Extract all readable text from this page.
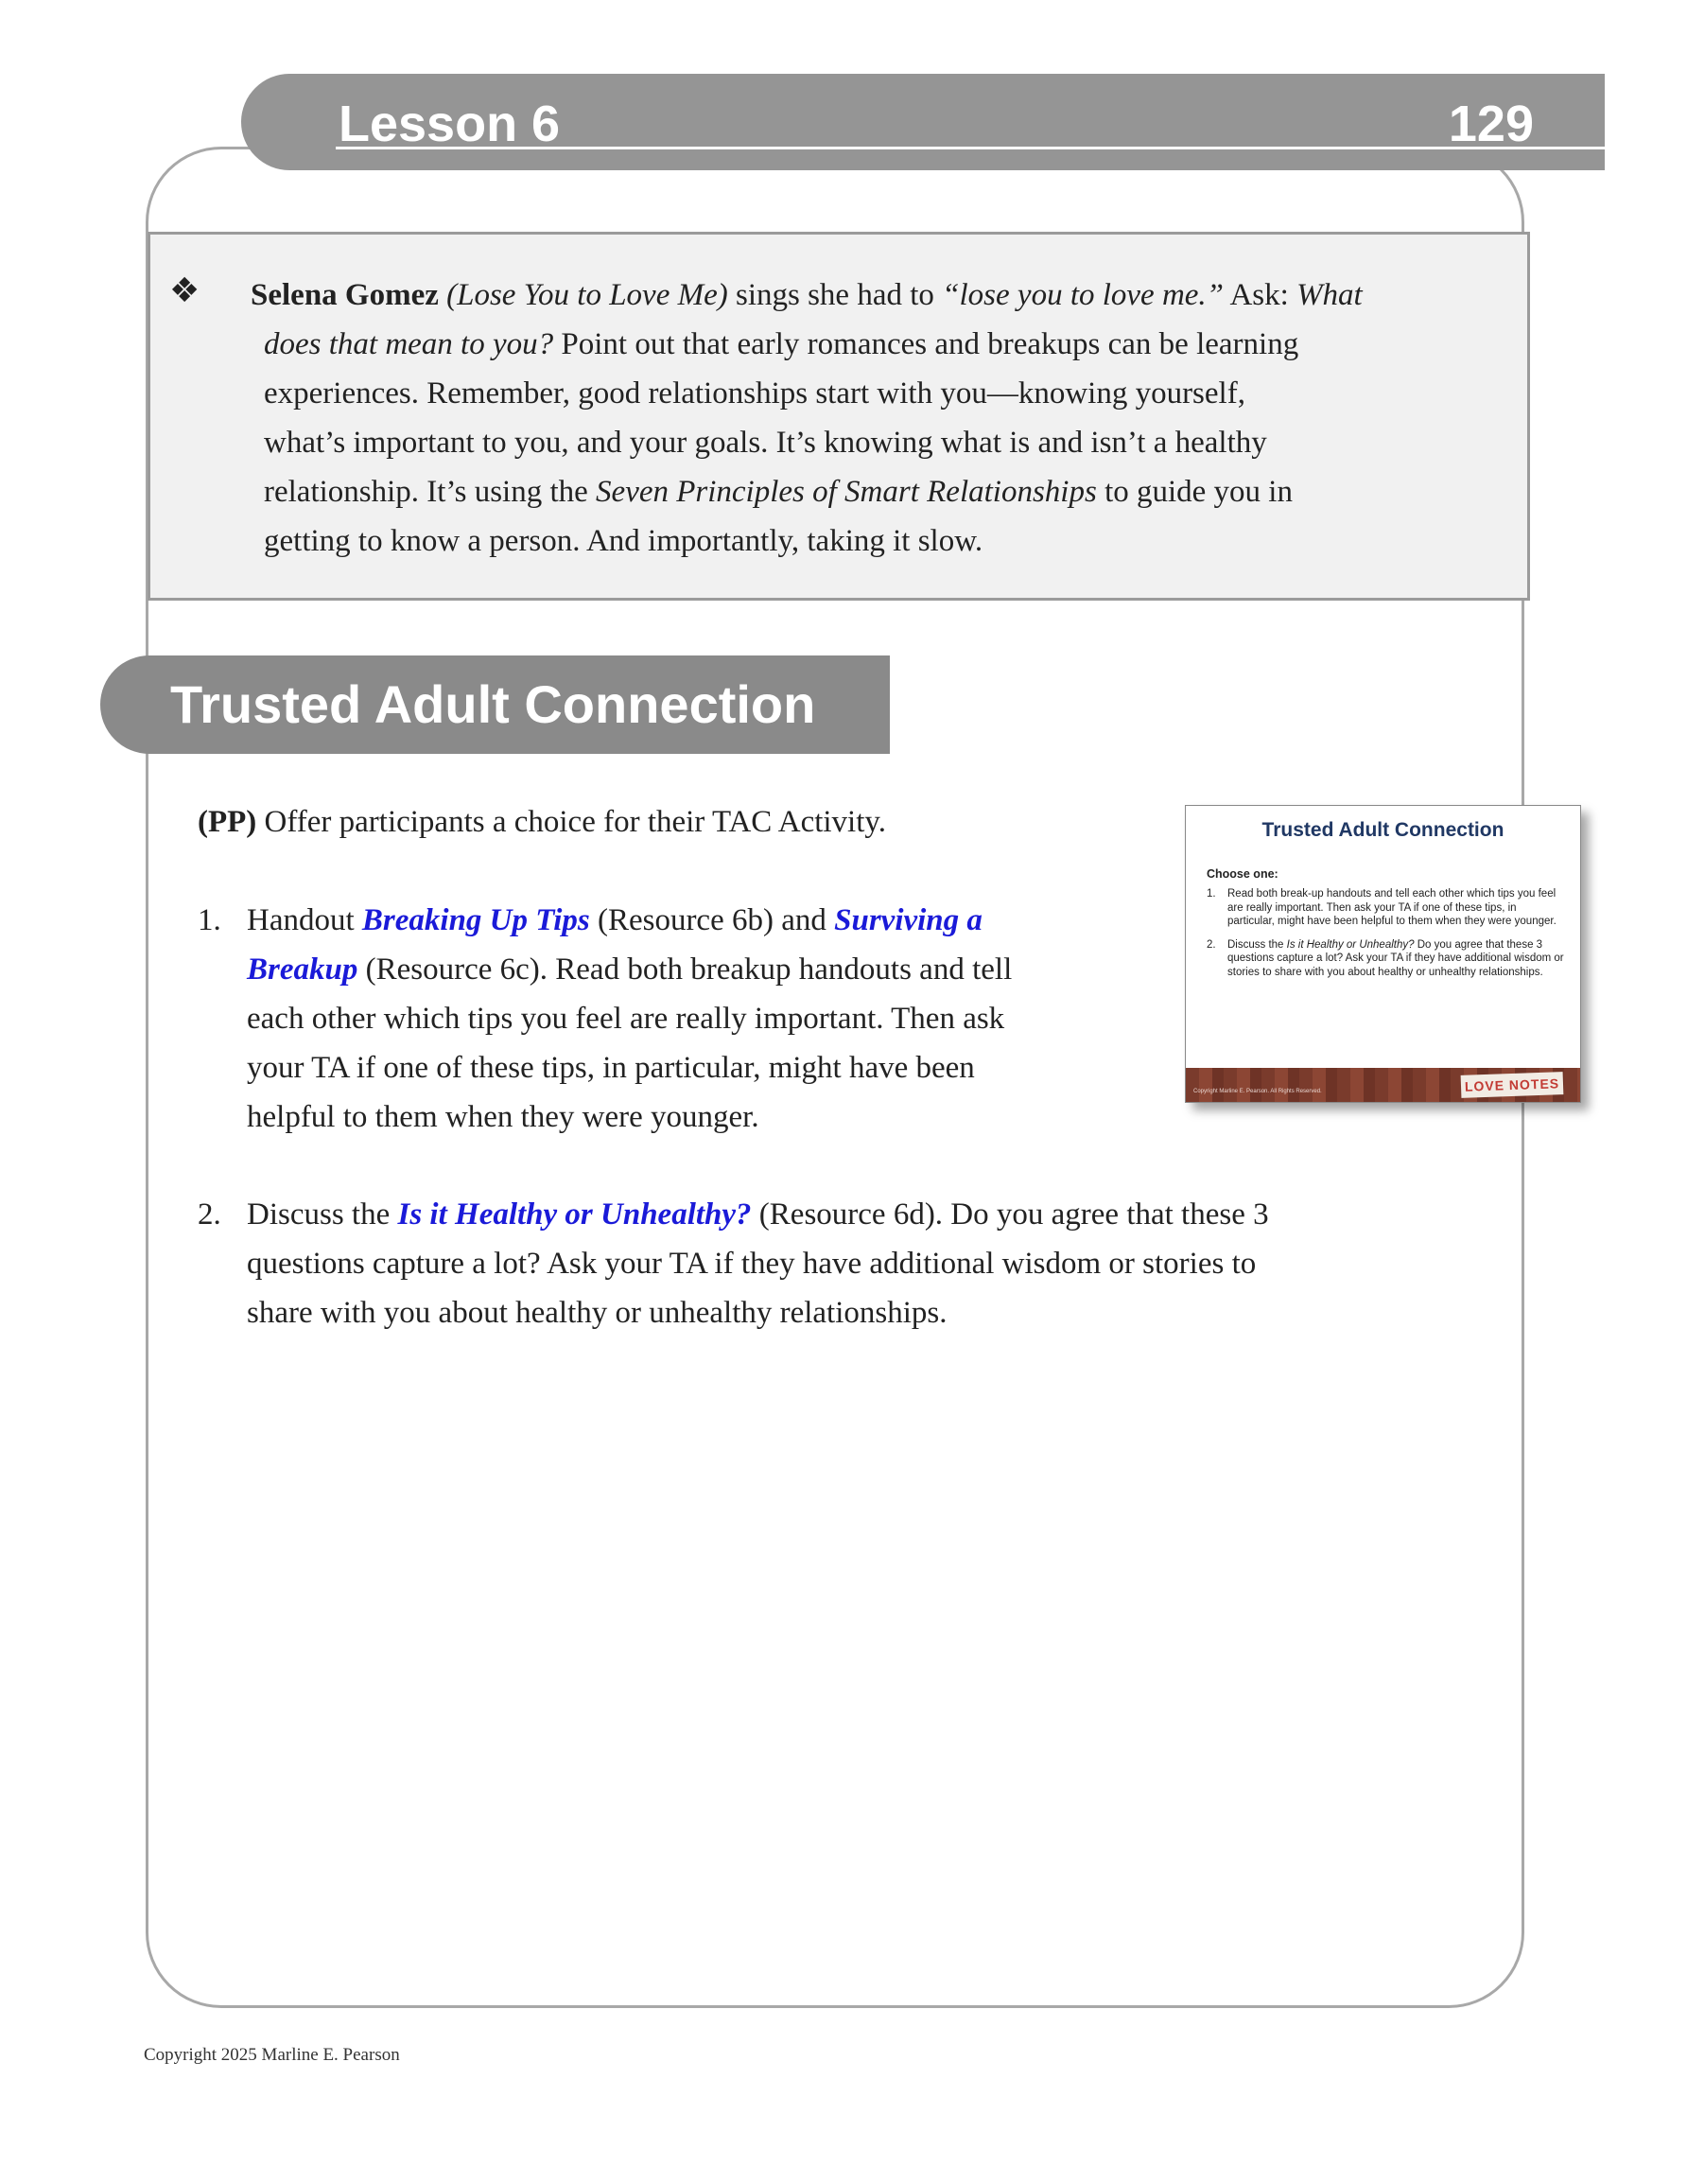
Lesson 6	129
❖ Selena Gomez (Lose You to Love Me) sings she had to “lose you to love me.” Ask: What
does that mean to you? Point out that early romances and breakups can be learning
experiences. Remember, good relationships start with you—knowing yourself,
what’s important to you, and your goals. It’s knowing what is and isn’t a healthy
relationship. It’s using the Seven Principles of Smart Relationships to guide you in
getting to know a person. And importantly, taking it slow.
Trusted Adult Connection
(PP) Offer participants a choice for their TAC Activity.
1. Handout Breaking Up Tips (Resource 6b) and Surviving a
Breakup (Resource 6c). Read both breakup handouts and tell
each other which tips you feel are really important. Then ask
your TA if one of these tips, in particular, might have been
helpful to them when they were younger.
2. Discuss the Is it Healthy or Unhealthy? (Resource 6d). Do you agree that these 3
questions capture a lot? Ask your TA if they have additional wisdom or stories to
share with you about healthy or unhealthy relationships.
Trusted Adult Connection
Choose one:
1. Read both break-up handouts and tell each other which tips you feel are really important. Then ask your TA if one of these tips, in particular, might have been helpful to them when they were younger.
2. Discuss the Is it Healthy or Unhealthy? Do you agree that these 3 questions capture a lot? Ask your TA if they have additional wisdom or stories to share with you about healthy or unhealthy relationships.
Copyright Marline E. Pearson. All Rights Reserved.	LOVE NOTES
Copyright 2025 Marline E. Pearson
